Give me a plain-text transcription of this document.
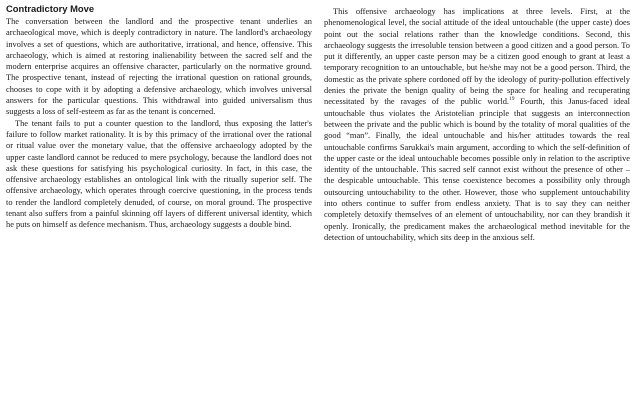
Contradictory Move

The conversation between the landlord and the prospective tenant underlies an archaeological move, which is deeply contradictory in nature. The landlord's archaeology involves a set of questions, which are authoritative, irrational, and hence, offensive. This archaeology, which is aimed at restoring inalienability between the sacred self and the modern enterprise acquires an offensive character, particularly on the normative ground. The prospective tenant, instead of rejecting the irrational question on rational grounds, chooses to cope with it by adopting a defensive archaeology, which involves universal answers for the particular questions. This withdrawal into guided universalism thus suggests a loss of self-esteem as far as the tenant is concerned.

The tenant fails to put a counter question to the landlord, thus exposing the latter's failure to follow market rationality. It is by this primacy of the irrational over the rational or ritual value over the monetary value, that the offensive archaeology adopted by the upper caste landlord cannot be reduced to mere psychology, because the landlord does not ask these questions for satisfying his psychological curiosity. In fact, in this case, the offensive archaeology establishes an ontological link with the ritually superior self. The offensive archaeology, which operates through coercive questioning, in the process tends to render the landlord completely denuded, of course, on moral ground. The prospective tenant also suffers from a painful skinning off layers of different universal identity, which he puts on himself as defence mechanism. Thus, archaeology suggests a double bind.

This offensive archaeology has implications at three levels. First, at the phenomenological level, the social attitude of the ideal untouchable (the upper caste) does point out the social relations rather than the knowledge conditions. Second, this archaeology suggests the irresoluble tension between a good citizen and a good person. To put it differently, an upper caste person may be a citizen good enough to grant at least a temporary recognition to an untouchable, but he/she may not be a good person. Third, the domestic as the private sphere cordoned off by the ideology of purity-pollution effectively denies the private the benign quality of being the space for healing and recuperating necessitated by the ravages of the public world.$^{19}$ Fourth, this Janus-faced ideal untouchable thus violates the Aristotelian principle that suggests an interconnection between the private and the public which is bound by the totality of moral qualities of the good “man”. Finally, the ideal untouchable and his/her attitudes towards the real untouchable confirms Sarukkai's main argument, according to which the self-definition of the upper caste or the ideal untouchable becomes possible only in relation to the ascriptive identity of the untouchable. This sacred self cannot exist without the presence of other – the despicable untouchable. This tense coexistence becomes a possibility only through outsourcing untouchability to the other. However, those who supplement untouchability into others continue to suffer from endless anxiety. That is to say they can neither completely detoxify themselves of an element of untouchability, nor can they brandish it openly. Ironically, the predicament makes the archaeological method inevitable for the detection of untouchability, which sits deep in the anxious self.
